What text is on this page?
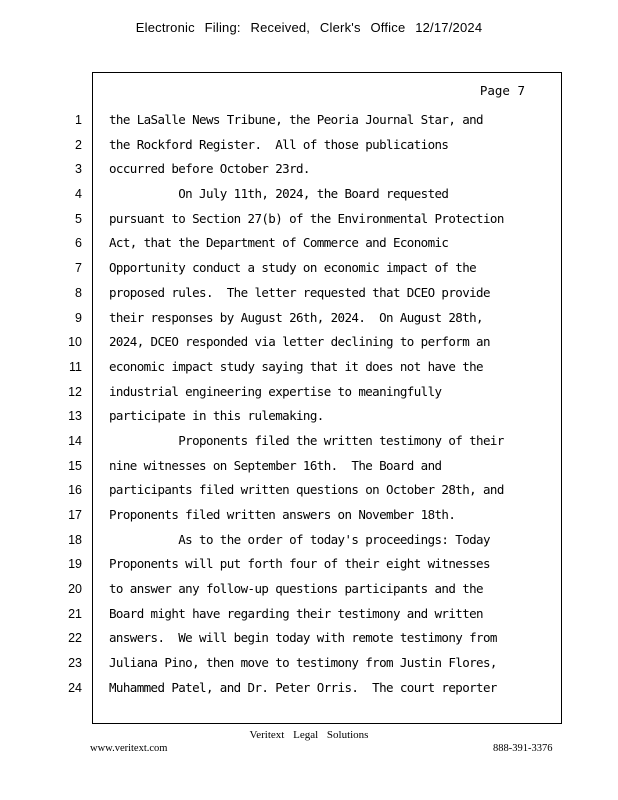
Electronic Filing: Received, Clerk's Office 12/17/2024
Page 7
1
2
3
4
5
6
7
8
9
10
11
12
13
14
15
16
17
18
19
20
21
22
23
24
the LaSalle News Tribune, the Peoria Journal Star, and
the Rockford Register.  All of those publications
occurred before October 23rd.
On July 11th, 2024, the Board requested
pursuant to Section 27(b) of the Environmental Protection
Act, that the Department of Commerce and Economic
Opportunity conduct a study on economic impact of the
proposed rules.  The letter requested that DCEO provide
their responses by August 26th, 2024.  On August 28th,
2024, DCEO responded via letter declining to perform an
economic impact study saying that it does not have the
industrial engineering expertise to meaningfully
participate in this rulemaking.
Proponents filed the written testimony of their
nine witnesses on September 16th.  The Board and
participants filed written questions on October 28th, and
Proponents filed written answers on November 18th.
As to the order of today's proceedings: Today
Proponents will put forth four of their eight witnesses
to answer any follow-up questions participants and the
Board might have regarding their testimony and written
answers.  We will begin today with remote testimony from
Juliana Pino, then move to testimony from Justin Flores,
Muhammed Patel, and Dr. Peter Orris.  The court reporter
Veritext Legal Solutions
www.veritext.com	888-391-3376
